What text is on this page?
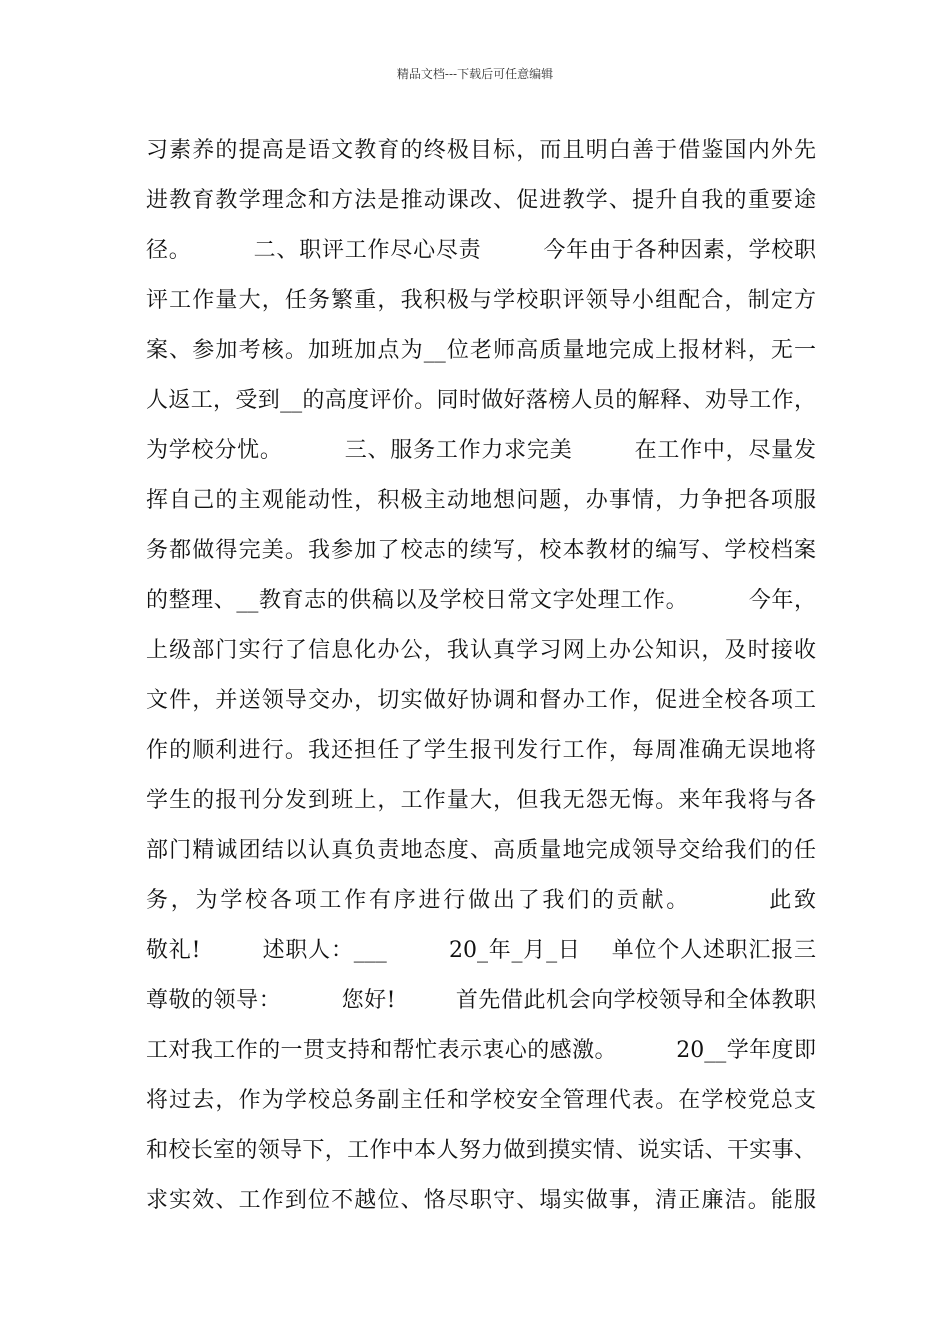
精品文档---下载后可任意编辑
习素养的提高是语文教育的终极目标，而且明白善于借鉴国内外先
进教育教学理念和方法是推动课改、促进教学、提升自我的重要途
径。        二、职评工作尽心尽责        今年由于各种因素，学校职
评工作量大，任务繁重，我积极与学校职评领导小组配合，制定方
案、参加考核。加班加点为__位老师高质量地完成上报材料，无一
人返工，受到__的高度评价。同时做好落榜人员的解释、劝导工作，
为学校分忧。        三、服务工作力求完美        在工作中，尽量发
挥自己的主观能动性，积极主动地想问题，办事情，力争把各项服
务都做得完美。我参加了校志的续写，校本教材的编写、学校档案
的整理、__教育志的供稿以及学校日常文字处理工作。        今年，
上级部门实行了信息化办公，我认真学习网上办公知识，及时接收
文件，并送领导交办，切实做好协调和督办工作，促进全校各项工
作的顺利进行。我还担任了学生报刊发行工作，每周准确无误地将
学生的报刊分发到班上，工作量大，但我无怨无悔。来年我将与各
部门精诚团结以认真负责地态度、高质量地完成领导交给我们的任
务，为学校各项工作有序进行做出了我们的贡献。        此致
敬礼!        述职人：___        20_年_月_日    单位个人述职汇报三
尊敬的领导：        您好!        首先借此机会向学校领导和全体教职
工对我工作的一贯支持和帮忙表示衷心的感激。        20__学年度即
将过去，作为学校总务副主任和学校安全管理代表。在学校党总支
和校长室的领导下，工作中本人努力做到摸实情、说实话、干实事、
求实效、工作到位不越位、恪尽职守、塌实做事，清正廉洁。能服
